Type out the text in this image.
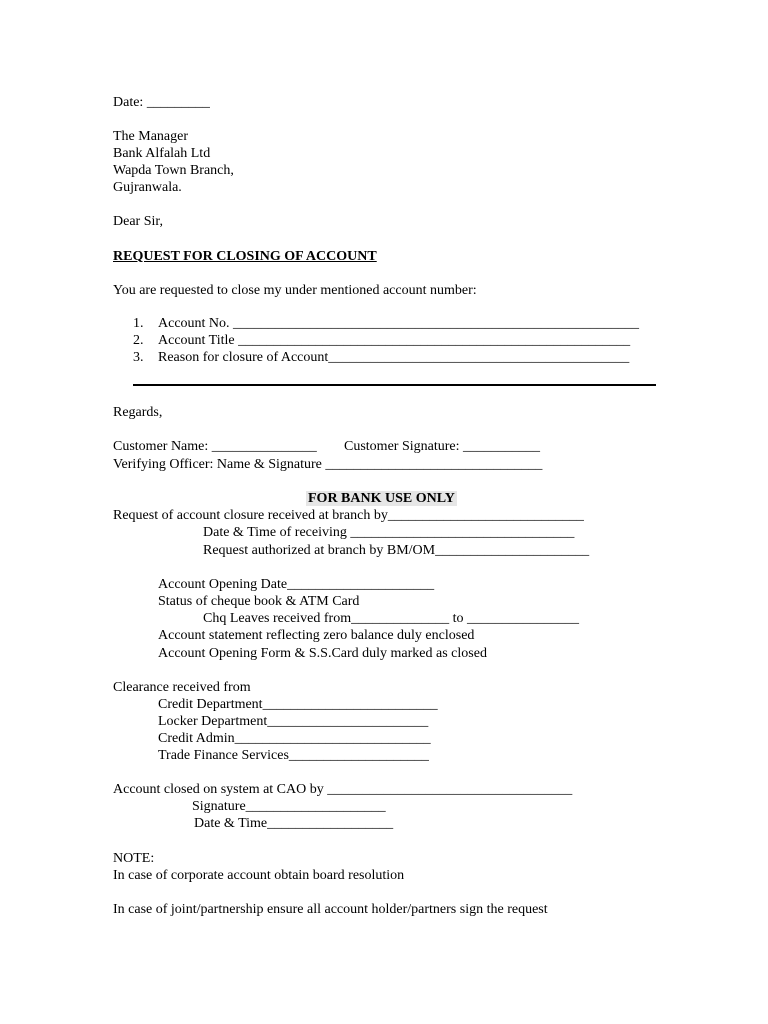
Date: _________

The Manager

Bank Alfalah Ltd

Wapda Town Branch,

Gujranwala.

Dear Sir,

REQUEST FOR CLOSING OF ACCOUNT

You are requested to close my under mentioned account number:

1. Account No. __________________________________________________________
2. Account Title ________________________________________________________
3. Reason for closure of Account___________________________________________

Regards,

Customer Name: _______________ Customer Signature: ___________

Verifying Officer: Name & Signature _______________________________

FOR BANK USE ONLY

Request of account closure received at branch by____________________________

Date & Time of receiving ________________________________

Request authorized at branch by BM/OM______________________

Account Opening Date_____________________

Status of cheque book & ATM Card

Chq Leaves received from______________ to ________________

Account statement reflecting zero balance duly enclosed

Account Opening Form & S.S.Card duly marked as closed

Clearance received from

Credit Department_________________________

Locker Department_______________________

Credit Admin____________________________

Trade Finance Services____________________

Account closed on system at CAO by ___________________________________

Signature____________________

Date & Time__________________

NOTE:

In case of corporate account obtain board resolution

In case of joint/partnership ensure all account holder/partners sign the request
